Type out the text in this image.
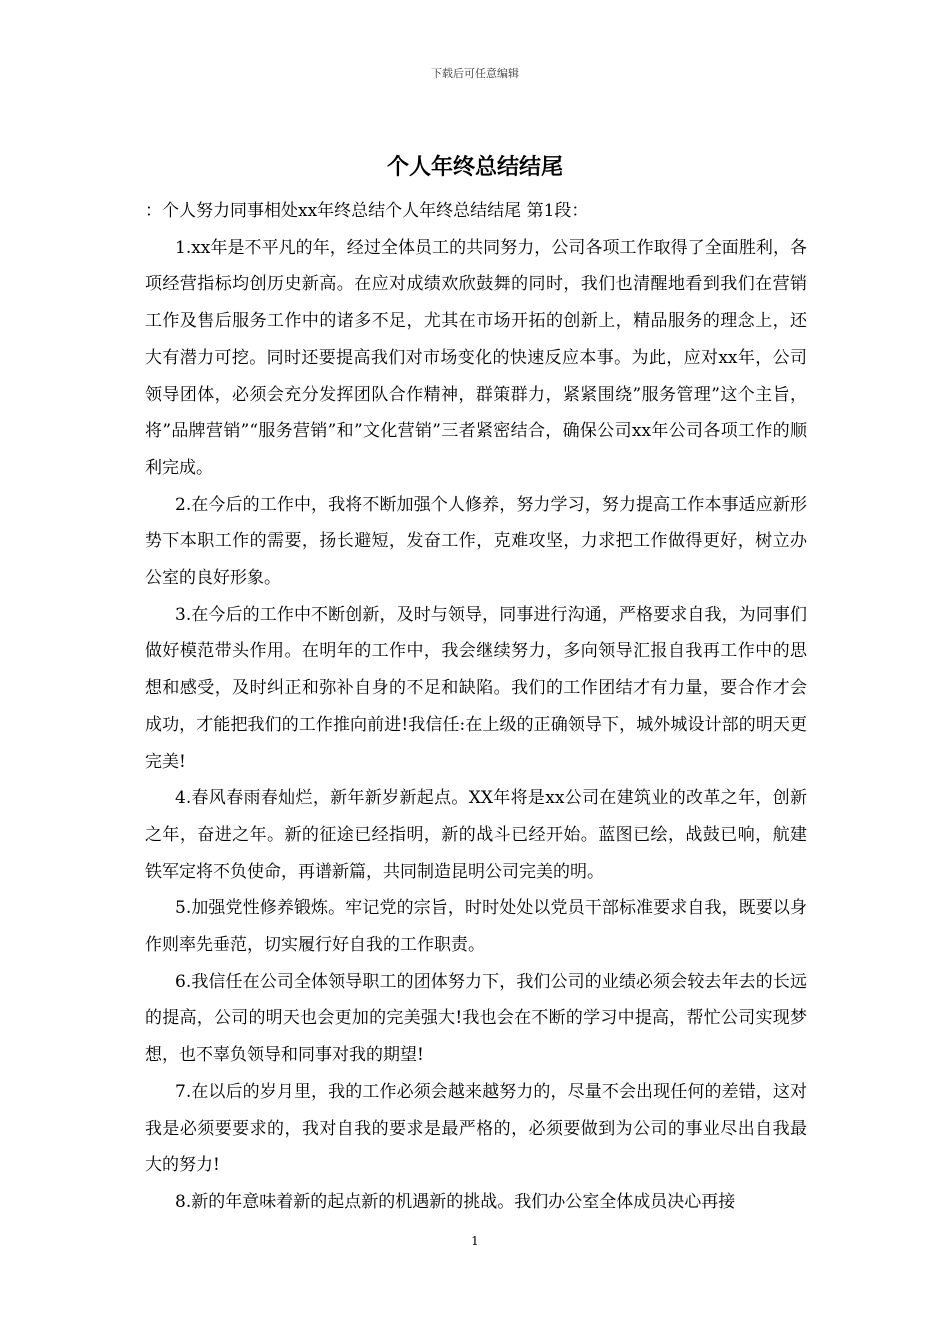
下载后可任意编辑
个人年终总结结尾

：个人努力同事相处xx年终总结个人年终总结结尾 第1段：

1.xx年是不平凡的年，经过全体员工的共同努力，公司各项工作取得了全面胜利，各项经营指标均创历史新高。在应对成绩欢欣鼓舞的同时，我们也清醒地看到我们在营销工作及售后服务工作中的诸多不足，尤其在市场开拓的创新上，精品服务的理念上，还大有潜力可挖。同时还要提高我们对市场变化的快速反应本事。为此，应对xx年，公司领导团体，必须会充分发挥团队合作精神，群策群力，紧紧围绕”服务管理”这个主旨，将”品牌营销”“服务营销”和”文化营销”三者紧密结合，确保公司xx年公司各项工作的顺利完成。

2.在今后的工作中，我将不断加强个人修养，努力学习，努力提高工作本事适应新形势下本职工作的需要，扬长避短，发奋工作，克难攻坚，力求把工作做得更好，树立办公室的良好形象。

3.在今后的工作中不断创新，及时与领导，同事进行沟通，严格要求自我，为同事们做好模范带头作用。在明年的工作中，我会继续努力，多向领导汇报自我再工作中的思想和感受，及时纠正和弥补自身的不足和缺陷。我们的工作团结才有力量，要合作才会成功，才能把我们的工作推向前进!我信任:在上级的正确领导下，城外城设计部的明天更完美!

4.春风春雨春灿烂，新年新岁新起点。XX年将是xx公司在建筑业的改革之年，创新之年，奋进之年。新的征途已经指明，新的战斗已经开始。蓝图已绘，战鼓已响，航建铁军定将不负使命，再谱新篇，共同制造昆明公司完美的明。

5.加强党性修养锻炼。牢记党的宗旨，时时处处以党员干部标准要求自我，既要以身作则率先垂范，切实履行好自我的工作职责。

6.我信任在公司全体领导职工的团体努力下，我们公司的业绩必须会较去年去的长远的提高，公司的明天也会更加的完美强大!我也会在不断的学习中提高，帮忙公司实现梦想，也不辜负领导和同事对我的期望!

7.在以后的岁月里，我的工作必须会越来越努力的，尽量不会出现任何的差错，这对我是必须要要求的，我对自我的要求是最严格的，必须要做到为公司的事业尽出自我最大的努力!

8.新的年意味着新的起点新的机遇新的挑战。我们办公室全体成员决心再接

1
